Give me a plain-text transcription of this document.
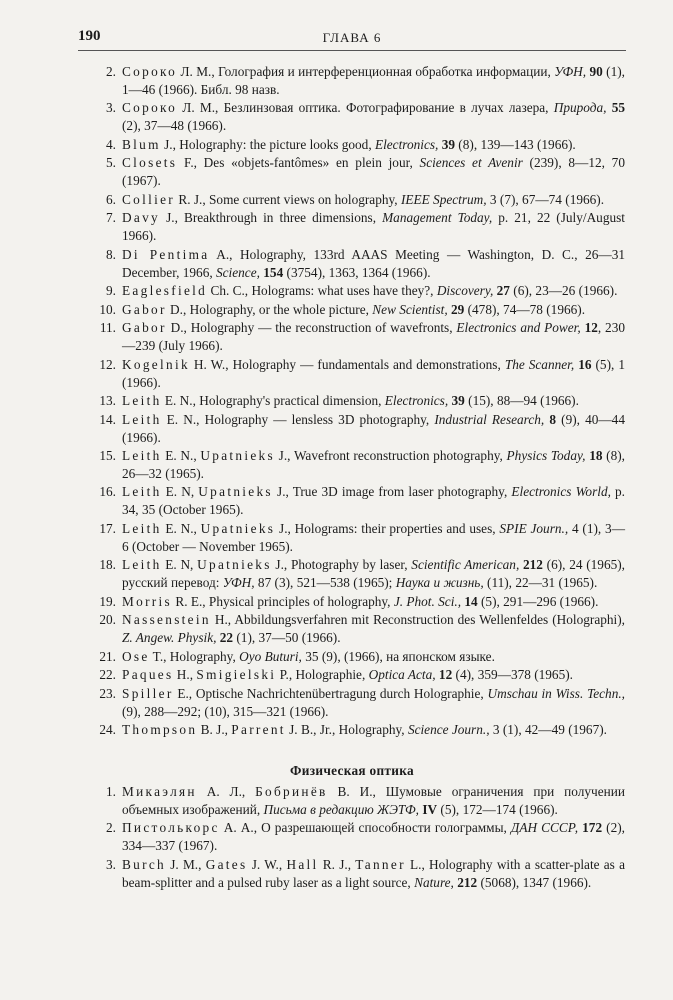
190	ГЛАВА 6
2. Сороко Л. М., Голография и интерференционная обработка информации, УФН, 90 (1), 1—46 (1966). Библ. 98 назв.
3. Сороко Л. М., Безлинзовая оптика. Фотографирование в лучах лазера, Природа, 55 (2), 37—48 (1966).
4. Blum J., Holography: the picture looks good, Electronics, 39 (8), 139—143 (1966).
5. Closets F., Des «objets-fantômes» en plein jour, Sciences et Avenir (239), 8—12, 70 (1967).
6. Collier R. J., Some current views on holography, IEEE Spectrum, 3 (7), 67—74 (1966).
7. Davy J., Breakthrough in three dimensions, Management Today, p. 21, 22 (July/August 1966).
8. Di Pentima A., Holography, 133rd AAAS Meeting — Washington, D. C., 26—31 December, 1966, Science, 154 (3754), 1363, 1364 (1966).
9. Eaglesfield Ch. C., Holograms: what uses have they?, Discovery, 27 (6), 23—26 (1966).
10. Gabor D., Holography, or the whole picture, New Scientist, 29 (478), 74—78 (1966).
11. Gabor D., Holography — the reconstruction of wavefronts, Electronics and Power, 12, 230—239 (July 1966).
12. Kogelnik H. W., Holography — fundamentals and demonstrations, The Scanner, 16 (5), 1 (1966).
13. Leith E. N., Holography's practical dimension, Electronics, 39 (15), 88—94 (1966).
14. Leith E. N., Holography — lensless 3D photography, Industrial Research, 8 (9), 40—44 (1966).
15. Leith E. N., Upatnieks J., Wavefront reconstruction photography, Physics Today, 18 (8), 26—32 (1965).
16. Leith E. N, Upatnieks J., True 3D image from laser photography, Electronics World, p. 34, 35 (October 1965).
17. Leith E. N., Upatnieks J., Holograms: their properties and uses, SPIE Journ., 4 (1), 3—6 (October — November 1965).
18. Leith E. N, Upatnieks J., Photography by laser, Scientific American, 212 (6), 24 (1965), русский перевод: УФН, 87 (3), 521—538 (1965); Наука и жизнь, (11), 22—31 (1965).
19. Morris R. E., Physical principles of holography, J. Phot. Sci., 14 (5), 291—296 (1966).
20. Nassenstein H., Abbildungsverfahren mit Reconstruction des Wellenfeldes (Holographi), Z. Angew. Physik, 22 (1), 37—50 (1966).
21. Ose T., Holography, Oyo Buturi, 35 (9), (1966), на японском языке.
22. Paques H., Smigielski P., Holographie, Optica Acta, 12 (4), 359—378 (1965).
23. Spiller E., Optische Nachrichtenübertragung durch Holographie, Umschau in Wiss. Techn., (9), 288—292; (10), 315—321 (1966).
24. Thompson B. J., Parrent J. B., Jr., Holography, Science Journ., 3 (1), 42—49 (1967).
Физическая оптика
1. Микаэлян А. Л., Бобринёв В. И., Шумовые ограничения при получении объемных изображений, Письма в редакцию ЖЭТФ, IV (5), 172—174 (1966).
2. Пистолькорс А. А., О разрешающей способности голограммы, ДАН СССР, 172 (2), 334—337 (1967).
3. Burch J. M., Gates J. W., Hall R. J., Tanner L., Holography with a scatter-plate as a beam-splitter and a pulsed ruby laser as a light source, Nature, 212 (5068), 1347 (1966).
